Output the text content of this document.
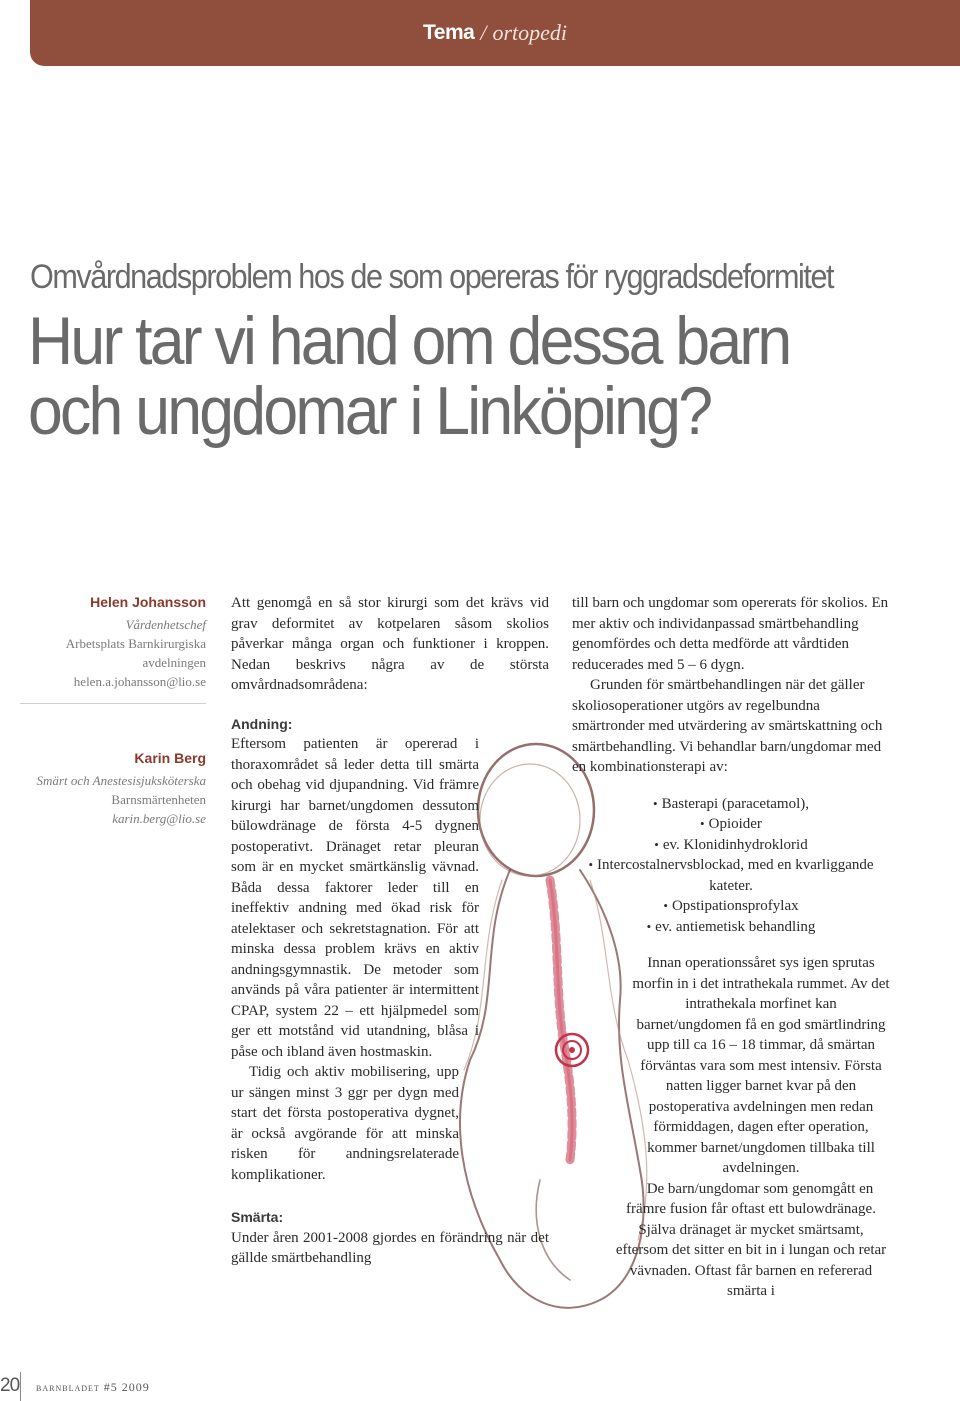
Tema / ortopedi
Omvårdnadsproblem hos de som opereras för ryggradsdeformitet
Hur tar vi hand om dessa barn
och ungdomar i Linköping?
Helen Johansson
Vårdenhetschef
Arbetsplats Barnkirurgiska
avdelningen
helen.a.johansson@lio.se
Karin Berg
Smärt och Anestesisjuksköterska
Barnsmärtenheten
karin.berg@lio.se

Att genomgå en så stor kirurgi som det krävs vid grav deformitet av kotpelaren såsom skolios påverkar många organ och funktioner i kroppen. Nedan beskrivs några av de största omvårdnadsområdena:

Andning:

Eftersom patienten är opererad i thoraxområdet så leder detta till smärta och obehag vid djupandning. Vid främre kirurgi har barnet/ungdomen dessutom bülowdränage de första 4-5 dygnen postoperativt. Dränaget retar pleuran som är en mycket smärtkänslig vävnad. Båda dessa faktorer leder till en ineffektiv andning med ökad risk för atelektaser och sekretstagnation. För att minska dessa problem krävs en aktiv andningsgymnastik. De metoder som används på våra patienter är intermittent CPAP, system 22 – ett hjälpmedel som ger ett motstånd vid utandning, blåsa i påse och ibland även hostmaskin.

Tidig och aktiv mobilisering, upp ur sängen minst 3 ggr per dygn med start det första postoperativa dygnet, är också avgörande för att minska risken för andningsrelaterade komplikationer.

Smärta:

Under åren 2001-2008 gjordes en förändring när det gällde smärtbehandling

till barn och ungdomar som opererats för skolios. En mer aktiv och individanpassad smärtbehandling genomfördes och detta medförde att vårdtiden reducerades med 5 – 6 dygn.

Grunden för smärtbehandlingen när det gäller skoliosoperationer utgörs av regelbundna smärtronder med utvärdering av smärtskattning och smärtbehandling. Vi behandlar barn/ungdomar med en kombinationsterapi av:

• Basterapi (paracetamol),
• Opioider
• ev. Klonidinhydroklorid
• Intercostalnervsblockad, med en kvarliggande kateter.
• Opstipationsprofylax
• ev. antiemetisk behandling

Innan operationssåret sys igen sprutas morfin in i det intrathekala rummet. Av det intrathekala morfinet kan barnet/ungdomen få en god smärtlindring upp till ca 16 – 18 timmar, då smärtan förväntas vara som mest intensiv. Första natten ligger barnet kvar på den postoperativa avdelningen men redan förmiddagen, dagen efter operation, kommer barnet/ungdomen tillbaka till avdelningen.

De barn/ungdomar som genomgått en främre fusion får oftast ett bulowdränage. Själva dränaget är mycket smärtsamt, eftersom det sitter en bit in i lungan och retar vävnaden. Oftast får barnen en refererad smärta i

20 barnbladet #5 2009
